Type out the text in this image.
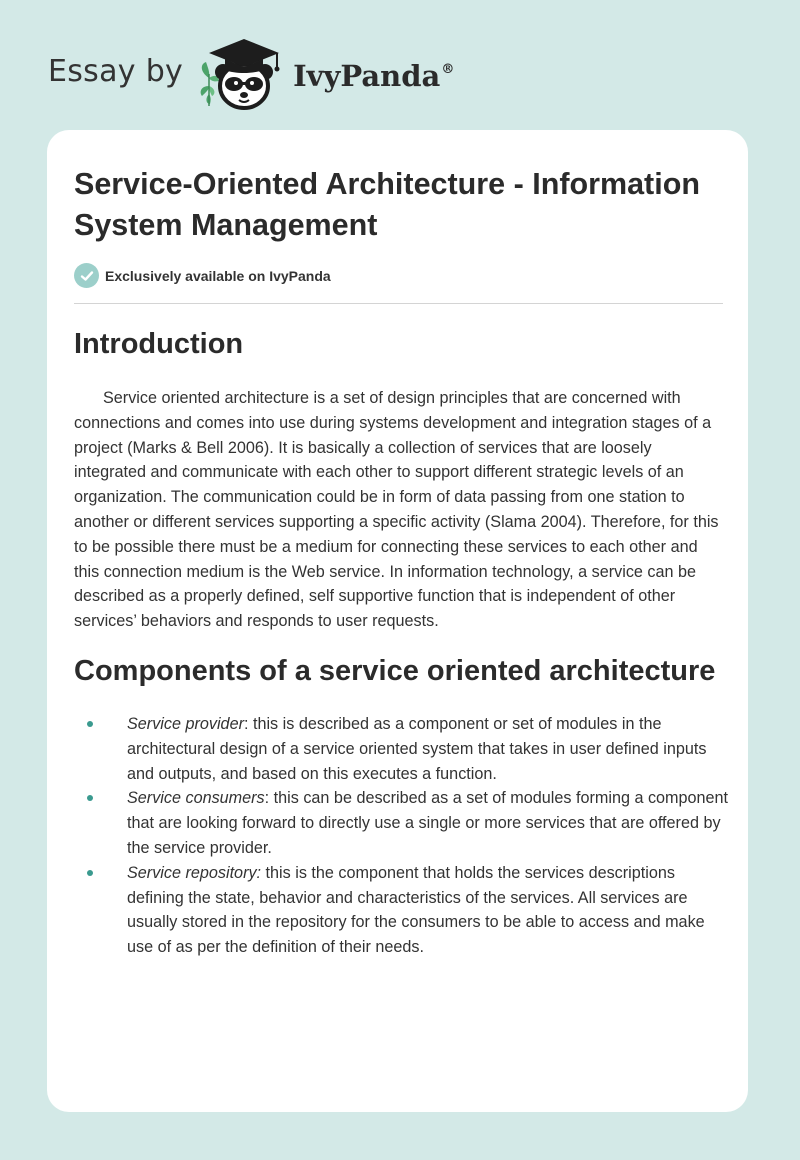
Essay by	IvyPanda®
Service-Oriented Architecture - Information System Management
Exclusively available on IvyPanda
Introduction

Service oriented architecture is a set of design principles that are concerned with connections and comes into use during systems development and integration stages of a project (Marks & Bell 2006). It is basically a collection of services that are loosely integrated and communicate with each other to support different strategic levels of an organization. The communication could be in form of data passing from one station to another or different services supporting a specific activity (Slama 2004). Therefore, for this to be possible there must be a medium for connecting these services to each other and this connection medium is the Web service. In information technology, a service can be described as a properly defined, self supportive function that is independent of other services’ behaviors and responds to user requests.

Components of a service oriented architecture
Service provider: this is described as a component or set of modules in the architectural design of a service oriented system that takes in user defined inputs and outputs, and based on this executes a function.
Service consumers: this can be described as a set of modules forming a component that are looking forward to directly use a single or more services that are offered by the service provider.
Service repository: this is the component that holds the services descriptions defining the state, behavior and characteristics of the services. All services are usually stored in the repository for the consumers to be able to access and make use of as per the definition of their needs.
